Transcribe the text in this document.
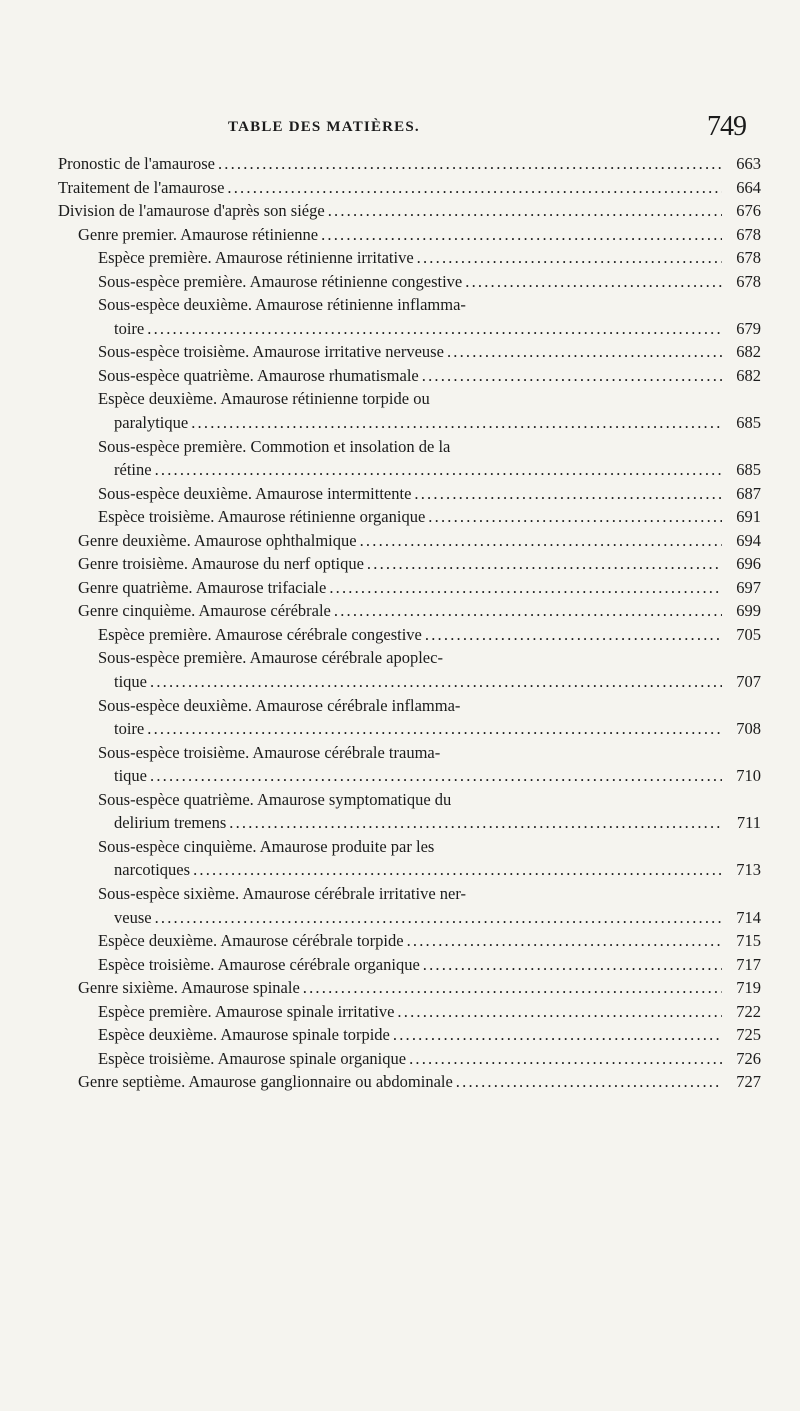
TABLE DES MATIÈRES.	749
Pronostic de l'amaurose .....	663
Traitement de l'amaurose .....	664
Division de l'amaurose d'après son siége .....	676
Genre premier. Amaurose rétinienne .....	678
Espèce première. Amaurose rétinienne irritative .....	678
Sous-espèce première. Amaurose rétinienne congestive .....	678
Sous-espèce deuxième. Amaurose rétinienne inflamma-
toire .....	679
Sous-espèce troisième. Amaurose irritative nerveuse .....	682
Sous-espèce quatrième. Amaurose rhumatismale .....	682
Espèce deuxième. Amaurose rétinienne torpide ou
paralytique .....	685
Sous-espèce première. Commotion et insolation de la
rétine .....	685
Sous-espèce deuxième. Amaurose intermittente .....	687
Espèce troisième. Amaurose rétinienne organique .....	691
Genre deuxième. Amaurose ophthalmique .....	694
Genre troisième. Amaurose du nerf optique .....	696
Genre quatrième. Amaurose trifaciale .....	697
Genre cinquième. Amaurose cérébrale .....	699
Espèce première. Amaurose cérébrale congestive .....	705
Sous-espèce première. Amaurose cérébrale apoplec-
tique .....	707
Sous-espèce deuxième. Amaurose cérébrale inflamma-
toire .....	708
Sous-espèce troisième. Amaurose cérébrale trauma-
tique .....	710
Sous-espèce quatrième. Amaurose symptomatique du
delirium tremens .....	711
Sous-espèce cinquième. Amaurose produite par les
narcotiques .....	713
Sous-espèce sixième. Amaurose cérébrale irritative ner-
veuse .....	714
Espèce deuxième. Amaurose cérébrale torpide .....	715
Espèce troisième. Amaurose cérébrale organique .....	717
Genre sixième. Amaurose spinale .....	719
Espèce première. Amaurose spinale irritative .....	722
Espèce deuxième. Amaurose spinale torpide .....	725
Espèce troisième. Amaurose spinale organique .....	726
Genre septième. Amaurose ganglionnaire ou abdominale .....	727
